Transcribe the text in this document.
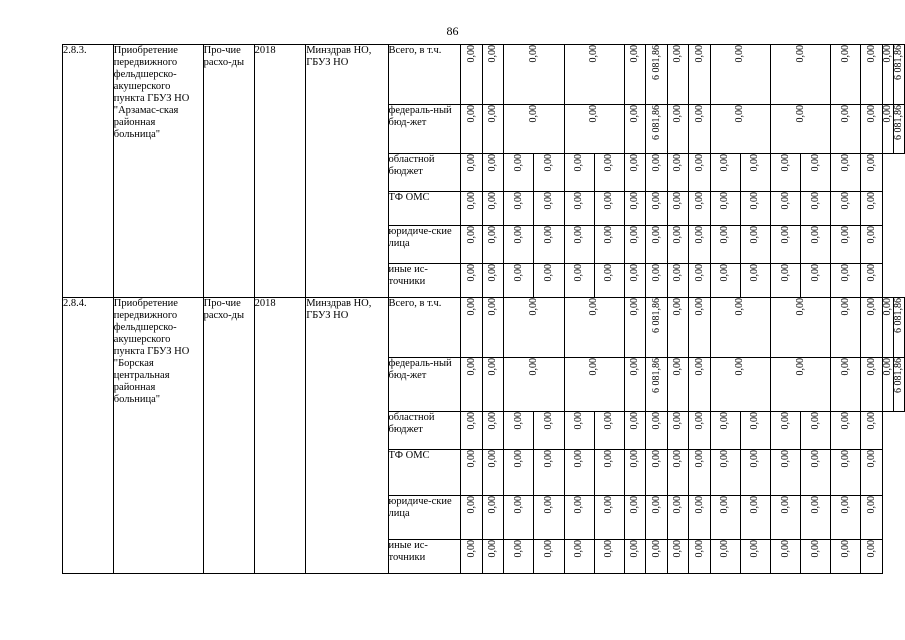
86
2.8.3.	Приобретение передвижного фельдшерско-акушерского пункта ГБУЗ НО "Арзамас-ская районная больница"	Про-чие расхо-ды	2018	Минздрав НО, ГБУЗ НО	Всего, в т.ч.	0,00	0,00	0,00		0,00		0,00	6 081,86	0,00	0,00	0,00		0,00		0,00	0,00	0,00	6 081,86
					федераль-ный бюд-жет	0,00	0,00	0,00		0,00		0,00	6 081,86	0,00	0,00	0,00		0,00		0,00	0,00	0,00	6 081,86
					областной бюджет	0,00	0,00	0,00	0,00	0,00	0,00	0,00	0,00	0,00	0,00	0,00	0,00	0,00	0,00	0,00	0,00		
					ТФ ОМС	0,00	0,00	0,00	0,00	0,00	0,00	0,00	0,00	0,00	0,00	0,00	0,00	0,00	0,00	0,00	0,00		
					юридиче-ские лица	0,00	0,00	0,00	0,00	0,00	0,00	0,00	0,00	0,00	0,00	0,00	0,00	0,00	0,00	0,00	0,00		
					иные ис-точники	0,00	0,00	0,00	0,00	0,00	0,00	0,00	0,00	0,00	0,00	0,00	0,00	0,00	0,00	0,00	0,00		
2.8.4.	Приобретение передвижного фельдшерско-акушерского пункта ГБУЗ НО "Борская центральная районная больница"	Про-чие расхо-ды	2018	Минздрав НО, ГБУЗ НО	Всего, в т.ч.	0,00	0,00	0,00		0,00		0,00	6 081,86	0,00	0,00	0,00		0,00		0,00	0,00	0,00	6 081,86
					федераль-ный бюд-жет	0,00	0,00	0,00		0,00		0,00	6 081,86	0,00	0,00	0,00		0,00		0,00	0,00	0,00	6 081,86
					областной бюджет	0,00	0,00	0,00	0,00	0,00	0,00	0,00	0,00	0,00	0,00	0,00	0,00	0,00	0,00	0,00	0,00		
					ТФ ОМС	0,00	0,00	0,00	0,00	0,00	0,00	0,00	0,00	0,00	0,00	0,00	0,00	0,00	0,00	0,00	0,00		
					юридиче-ские лица	0,00	0,00	0,00	0,00	0,00	0,00	0,00	0,00	0,00	0,00	0,00	0,00	0,00	0,00	0,00	0,00		
					иные ис-точники	0,00	0,00	0,00	0,00	0,00	0,00	0,00	0,00	0,00	0,00	0,00	0,00	0,00	0,00	0,00	0,00		
